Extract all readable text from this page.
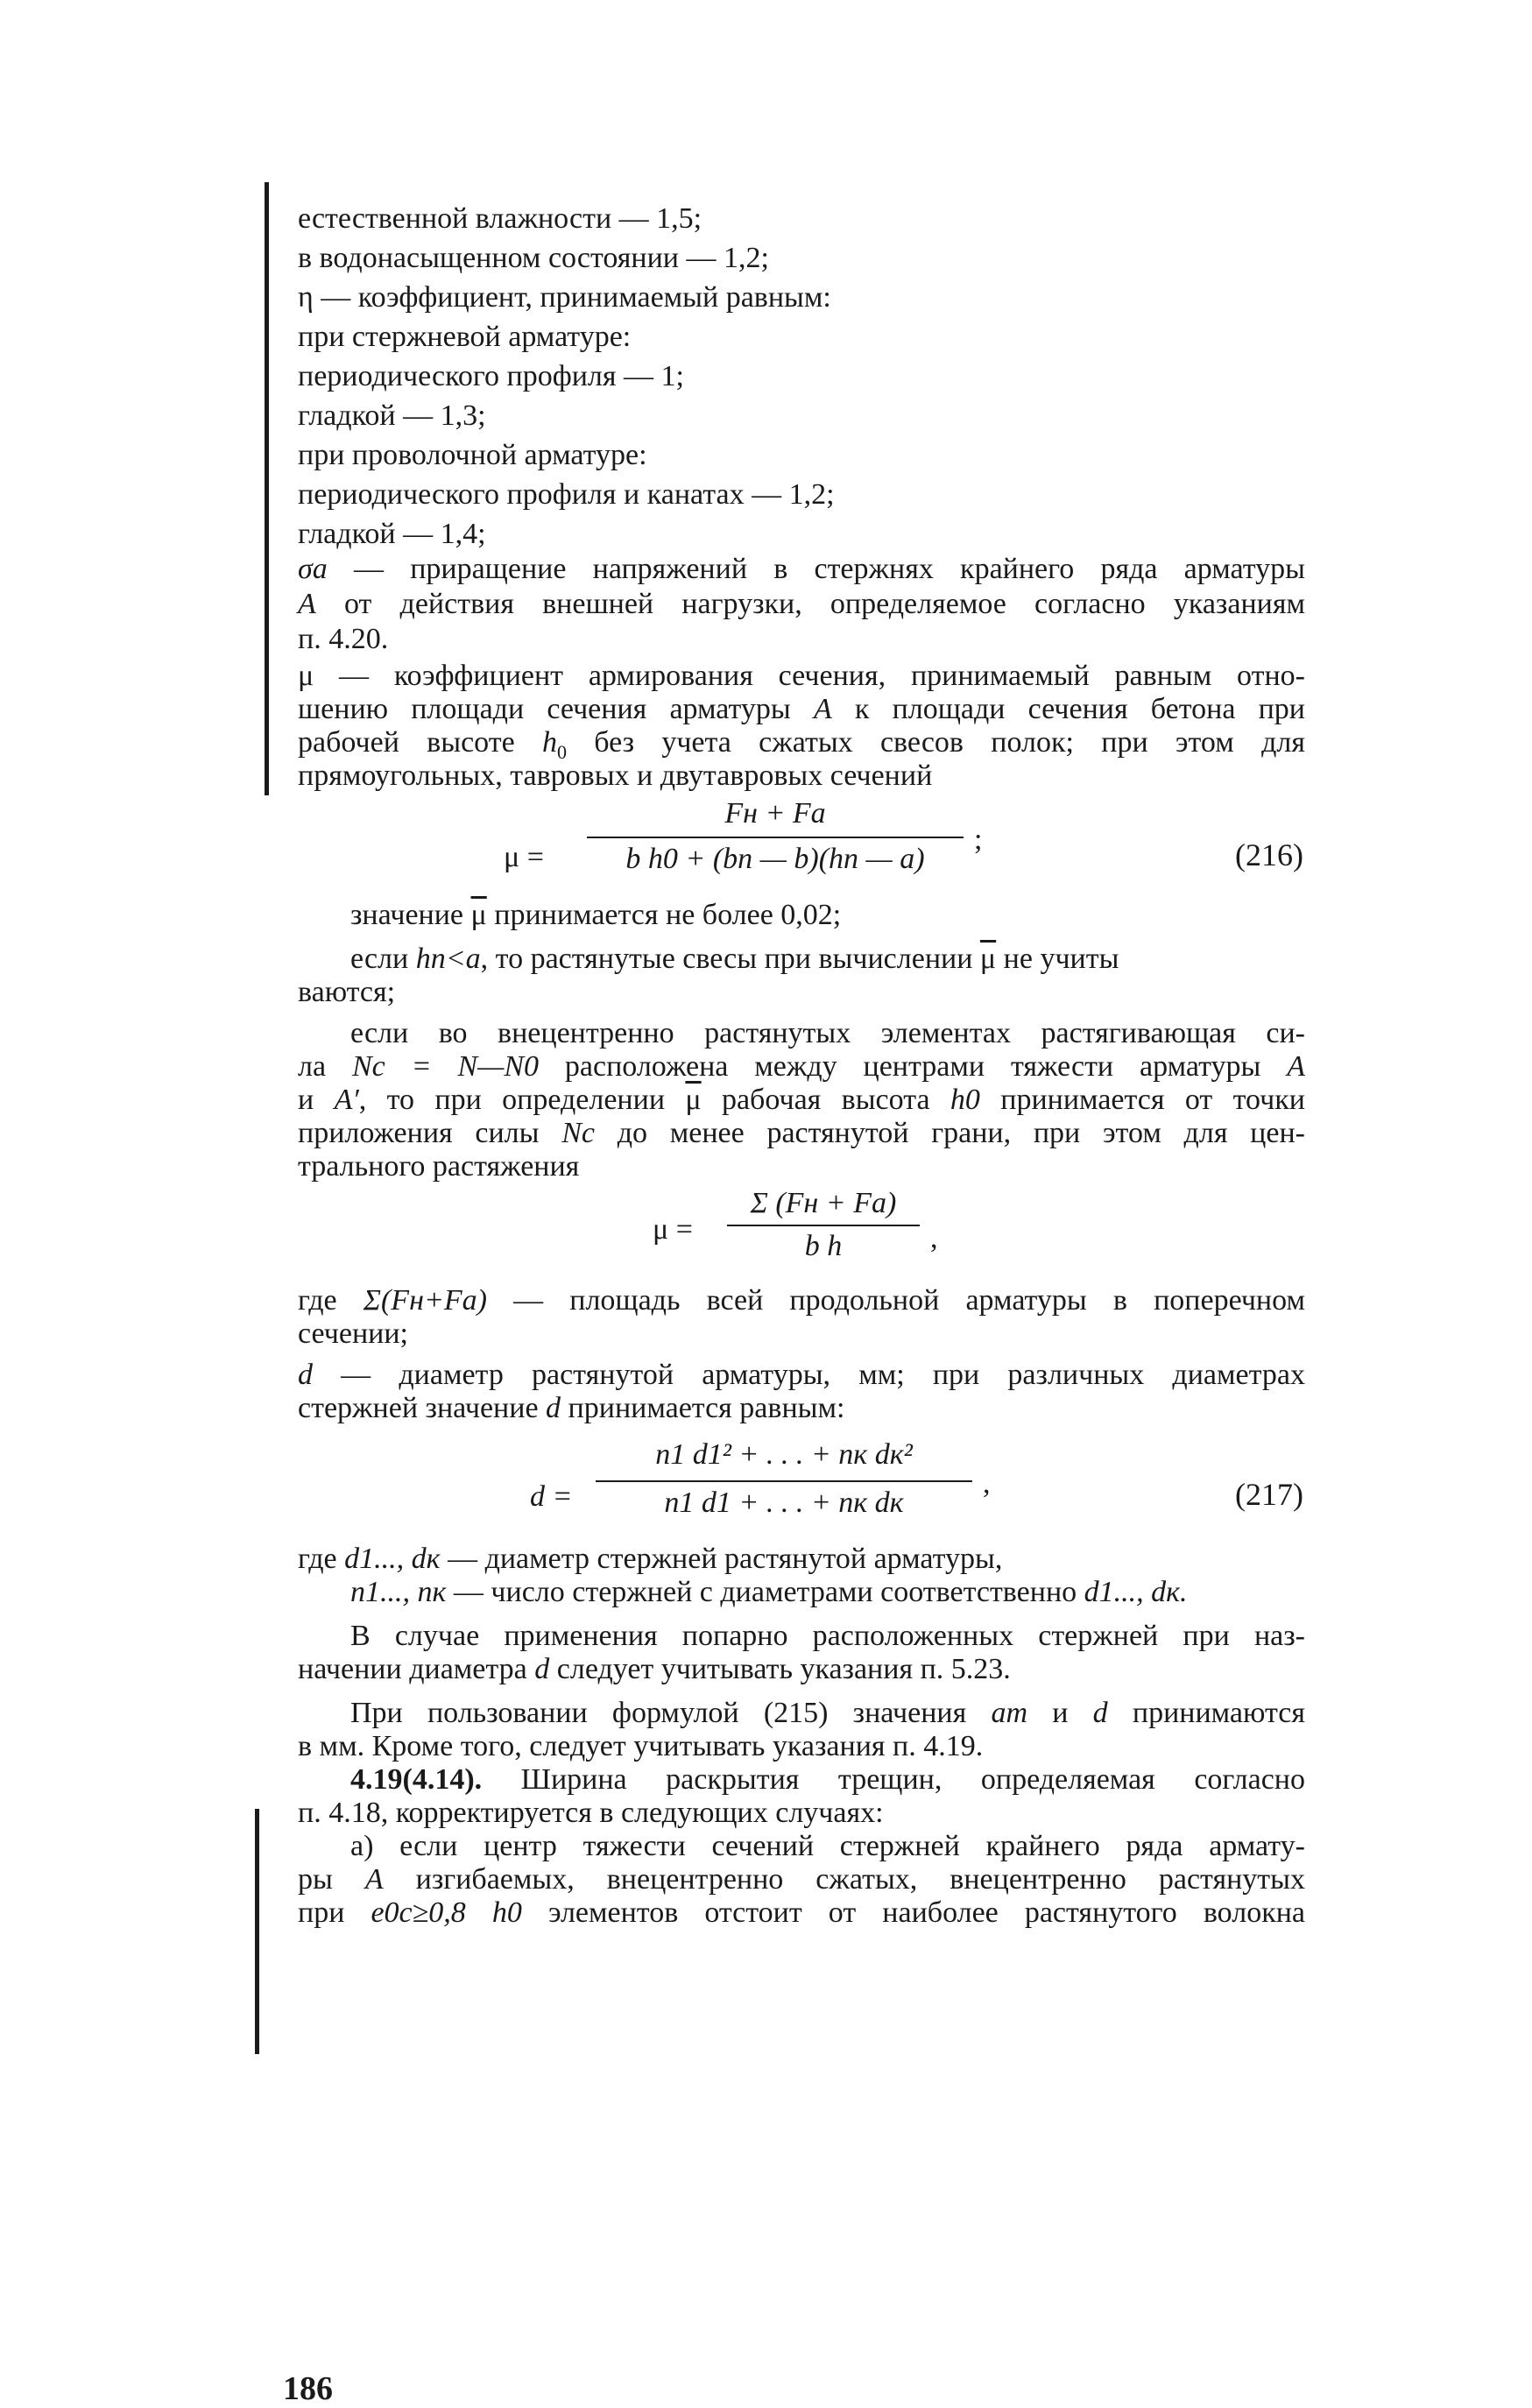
естественной влажности — 1,5;
в водонасыщенном состоянии — 1,2;
η — коэффициент, принимаемый равным:
при стержневой арматуре:
периодического профиля — 1;
гладкой — 1,3;
при проволочной арматуре:
периодического профиля и канатах — 1,2;
гладкой — 1,4;
σа — приращение напряжений в стержнях крайнего ряда арматуры
A от действия внешней нагрузки, определяемое согласно указаниям
п. 4.20.
μ — коэффициент армирования сечения, принимаемый равным отно-
шению площади сечения арматуры A к площади сечения бетона при
рабочей высоте $h_0$ без учета сжатых свесов полок; при этом для
прямоугольных, тавровых и двутавровых сечений
μ =
Fн + Fа
b h0 + (bп — b)(hп — a)
;	(216)
значение $\overline{\mu}$ принимается не более 0,02;
если hп<a, то растянутые свесы при вычислении $\overline{\mu}$ не учиты
ваются;
если во внецентренно растянутых элементах растягивающая си-
ла Nс = N—N0 расположена между центрами тяжести арматуры A
и A′, то при определении $\overline{\mu}$ рабочая высота h0 принимается от точки
приложения силы Nс до менее растянутой грани, при этом для цен-
трального растяжения
μ =
Σ (Fн + Fа)
b h	,
где Σ(Fн+Fа) — площадь всей продольной арматуры в поперечном
сечении;
d — диаметр растянутой арматуры, мм; при различных диаметрах
стержней значение d принимается равным:
d =
n1 d1² + . . . + nк dк²
n1 d1 + . . . + nк dк
,	(217)
где d1..., dк — диаметр стержней растянутой арматуры,
n1..., nк — число стержней с диаметрами соответственно d1..., dк.
В случае применения попарно расположенных стержней при наз-
начении диаметра d следует учитывать указания п. 5.23.
При пользовании формулой (215) значения aт и d принимаются
в мм. Кроме того, следует учитывать указания п. 4.19.
4.19(4.14). Ширина раскрытия трещин, определяемая согласно
п. 4.18, корректируется в следующих случаях:
а) если центр тяжести сечений стержней крайнего ряда армату-
ры A изгибаемых, внецентренно сжатых, внецентренно растянутых
при e0с≥0,8 h0 элементов отстоит от наиболее растянутого волокна
186
